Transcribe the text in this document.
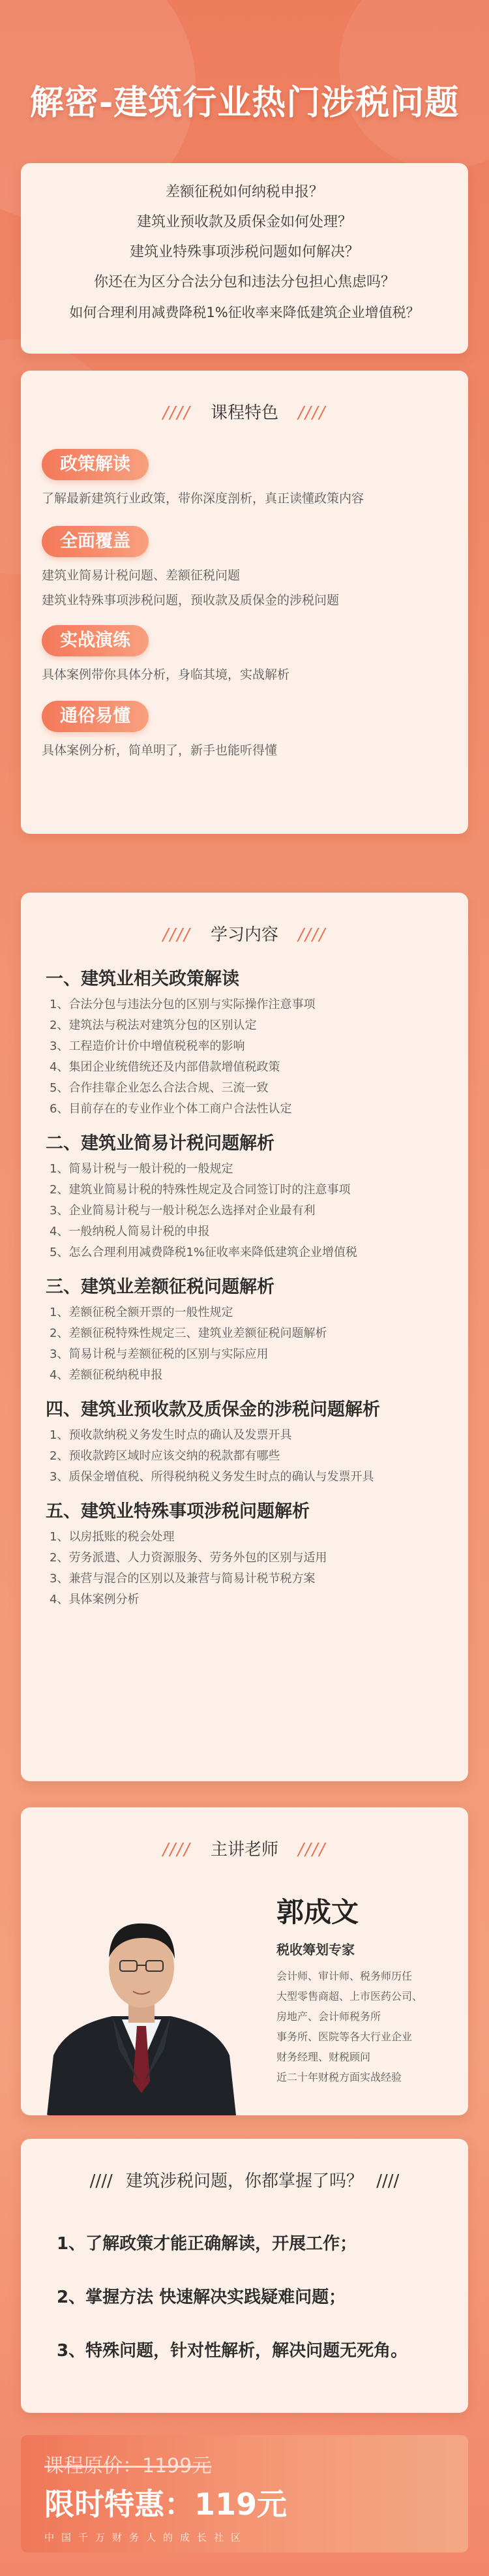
解密-建筑行业热门涉税问题
差额征税如何纳税申报？
建筑业预收款及质保金如何处理？
建筑业特殊事项涉税问题如何解决？
你还在为区分合法分包和违法分包担心焦虑吗？
如何合理利用减费降税1%征收率来降低建筑企业增值税？
//// 课程特色 ////
政策解读
了解最新建筑行业政策，带你深度剖析，真正读懂政策内容
全面覆盖
建筑业简易计税问题、差额征税问题
建筑业特殊事项涉税问题，预收款及质保金的涉税问题
实战演练
具体案例带你具体分析，身临其境，实战解析
通俗易懂
具体案例分析，简单明了，新手也能听得懂
//// 学习内容 ////
一、建筑业相关政策解读
1、合法分包与违法分包的区别与实际操作注意事项
2、建筑法与税法对建筑分包的区别认定
3、工程造价计价中增值税税率的影响
4、集团企业统借统还及内部借款增值税政策
5、合作挂靠企业怎么合法合规、三流一致
6、目前存在的专业作业个体工商户合法性认定
二、建筑业简易计税问题解析
1、简易计税与一般计税的一般规定
2、建筑业简易计税的特殊性规定及合同签订时的注意事项
3、企业简易计税与一般计税怎么选择对企业最有利
4、一般纳税人简易计税的申报
5、怎么合理利用减费降税1%征收率来降低建筑企业增值税
三、建筑业差额征税问题解析
1、差额征税全额开票的一般性规定
2、差额征税特殊性规定三、建筑业差额征税问题解析
3、简易计税与差额征税的区别与实际应用
4、差额征税纳税申报
四、建筑业预收款及质保金的涉税问题解析
1、预收款纳税义务发生时点的确认及发票开具
2、预收款跨区域时应该交纳的税款都有哪些
3、质保金增值税、所得税纳税义务发生时点的确认与发票开具
五、建筑业特殊事项涉税问题解析
1、以房抵账的税会处理
2、劳务派遣、人力资源服务、劳务外包的区别与适用
3、兼营与混合的区别以及兼营与简易计税节税方案
4、具体案例分析
//// 主讲老师 ////
郭成文
税收筹划专家
会计师、审计师、税务师历任
大型零售商超、上市医药公司、
房地产、会计师税务所
事务所、医院等各大行业企业
财务经理、财税顾问
近二十年财税方面实战经验
//// 建筑涉税问题，你都掌握了吗？ ////
1、了解政策才能正确解读，开展工作；
2、掌握方法 快速解决实践疑难问题；
3、特殊问题，针对性解析，解决问题无死角。
课程原价：1199元
限时特惠：119元
中国千万财务人的成长社区
